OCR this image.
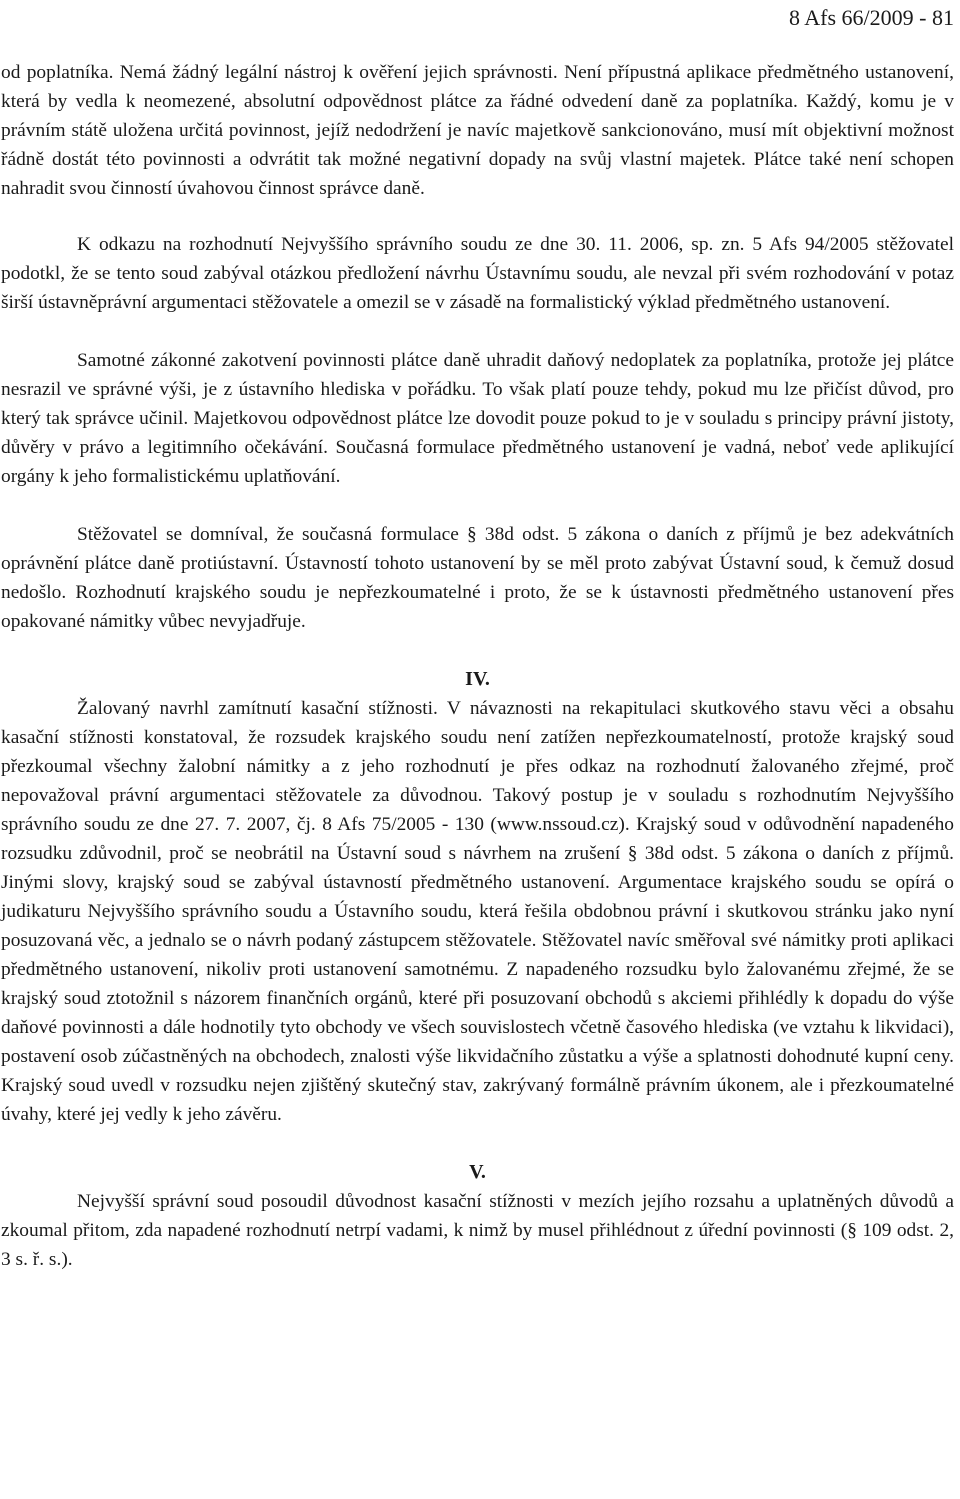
8 Afs 66/2009 - 81

od poplatníka. Nemá žádný legální nástroj k ověření jejich správnosti. Není přípustná aplikace předmětného ustanovení, která by vedla k neomezené, absolutní odpovědnost plátce za řádné odvedení daně za poplatníka. Každý, komu je v právním státě uložena určitá povinnost, jejíž nedodržení je navíc majetkově sankcionováno, musí mít objektivní možnost řádně dostát této povinnosti a odvrátit tak možné negativní dopady na svůj vlastní majetek. Plátce také není schopen nahradit svou činností úvahovou činnost správce daně.

K odkazu na rozhodnutí Nejvyššího správního soudu ze dne 30. 11. 2006, sp. zn. 5 Afs 94/2005 stěžovatel podotkl, že se tento soud zabýval otázkou předložení návrhu Ústavnímu soudu, ale nevzal při svém rozhodování v potaz širší ústavněprávní argumentaci stěžovatele a omezil se v zásadě na formalistický výklad předmětného ustanovení.

Samotné zákonné zakotvení povinnosti plátce daně uhradit daňový nedoplatek za poplatníka, protože jej plátce nesrazil ve správné výši, je z ústavního hlediska v pořádku. To však platí pouze tehdy, pokud mu lze přičíst důvod, pro který tak správce učinil. Majetkovou odpovědnost plátce lze dovodit pouze pokud to je v souladu s principy právní jistoty, důvěry v právo a legitimního očekávání. Současná formulace předmětného ustanovení je vadná, neboť vede aplikující orgány k jeho formalistickému uplatňování.

Stěžovatel se domníval, že současná formulace § 38d odst. 5 zákona o daních z příjmů je bez adekvátních oprávnění plátce daně protiústavní. Ústavností tohoto ustanovení by se měl proto zabývat Ústavní soud, k čemuž dosud nedošlo. Rozhodnutí krajského soudu je nepřezkoumatelné i proto, že se k ústavnosti předmětného ustanovení přes opakované námitky vůbec nevyjadřuje.

IV.

Žalovaný navrhl zamítnutí kasační stížnosti. V návaznosti na rekapitulaci skutkového stavu věci a obsahu kasační stížnosti konstatoval, že rozsudek krajského soudu není zatížen nepřezkoumatelností, protože krajský soud přezkoumal všechny žalobní námitky a z jeho rozhodnutí je přes odkaz na rozhodnutí žalovaného zřejmé, proč nepovažoval právní argumentaci stěžovatele za důvodnou. Takový postup je v souladu s rozhodnutím Nejvyššího správního soudu ze dne 27. 7. 2007, čj. 8 Afs 75/2005 - 130 (www.nssoud.cz). Krajský soud v odůvodnění napadeného rozsudku zdůvodnil, proč se neobrátil na Ústavní soud s návrhem na zrušení § 38d odst. 5 zákona o daních z příjmů. Jinými slovy, krajský soud se zabýval ústavností předmětného ustanovení. Argumentace krajského soudu se opírá o judikaturu Nejvyššího správního soudu a Ústavního soudu, která řešila obdobnou právní i skutkovou stránku jako nyní posuzovaná věc, a jednalo se o návrh podaný zástupcem stěžovatele. Stěžovatel navíc směřoval své námitky proti aplikaci předmětného ustanovení, nikoliv proti ustanovení samotnému. Z napadeného rozsudku bylo žalovanému zřejmé, že se krajský soud ztotožnil s názorem finančních orgánů, které při posuzovaní obchodů s akciemi přihlédly k dopadu do výše daňové povinnosti a dále hodnotily tyto obchody ve všech souvislostech včetně časového hlediska (ve vztahu k likvidaci), postavení osob zúčastněných na obchodech, znalosti výše likvidačního zůstatku a výše a splatnosti dohodnuté kupní ceny. Krajský soud uvedl v rozsudku nejen zjištěný skutečný stav, zakrývaný formálně právním úkonem, ale i přezkoumatelné úvahy, které jej vedly k jeho závěru.

V.

Nejvyšší správní soud posoudil důvodnost kasační stížnosti v mezích jejího rozsahu a uplatněných důvodů a zkoumal přitom, zda napadené rozhodnutí netrpí vadami, k nimž by musel přihlédnout z úřední povinnosti (§ 109 odst. 2, 3 s. ř. s.).
